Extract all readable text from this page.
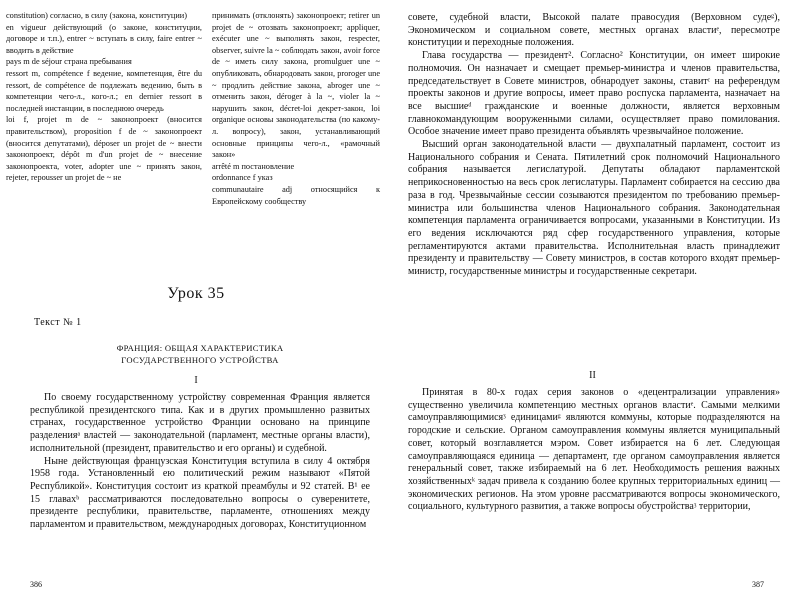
constitution) согласно, в силу (закона, конституции)

en vigueur действующий (о законе, конституции, договоре и т.п.), entrer ~ вступать в силу, faire entrer ~ вводить в действие

pays m de séjour страна пребывания

ressort m, compétence f ведение, компетенция, être du ressort, de compétence de подлежать ведению, быть в компетенции чего-л., кого-л.; en dernier ressort в последней инстанции, в последнюю очередь

loi f, projet m de ~ законопроект (вносится правительством), proposition f de ~ законопроект (вносится депутатами), déposer un projet de ~ внести законопроект, dépôt m d'un projet de ~ внесение законопроекта, voter, adopter une ~ принять закон, rejeter, repousser un projet de ~ не

принимать (отклонять) законопроект; retirer un projet de ~ отозвать законопроект; appliquer, exécuter une ~ выполнять закон, respecter, observer, suivre la ~ соблюдать закон, avoir force de ~ иметь силу закона, promulguer une ~ опубликовать, обнародовать закон, proroger une ~ продлить действие закона, abroger une ~ отменить закон, déroger à la ~, violer la ~ нарушить закон, décret-loi декрет-закон, loi organique основы законодательства (по какому-л. вопросу), закон, устанавливающий основные принципы чего-л., «рамочный закон»

arrêté m постановление

ordonnance f указ

communautaire adj относящийся к Европейскому сообществу

Урок 35
Текст № 1
ФРАНЦИЯ: ОБЩАЯ ХАРАКТЕРИСТИКА
ГОСУДАРСТВЕННОГО УСТРОЙСТВА
I

По своему государственному устройству современная Франция является республикой президентского типа. Как и в других промышленно развитых странах, государственное устройство Франции основано на принципе разделенияᵃ властей — законодательной (парламент, местные органы власти), исполнительной (президент, правительство и его органы) и судебной.

Ныне действующая французская Конституция вступила в силу 4 октября 1958 года. Установленный ею политический режим называют «Пятой Республикой». Конституция состоит из краткой преамбулы и 92 статей. В¹ ее 15 главахᵇ рассматриваются последовательно вопросы о суверенитете, президенте республики, правительстве, парламенте, отношениях между парламентом и правительством, международных договорах, Конституционном

386

совете, судебной власти, Высокой палате правосудия (Верховном судеᵍ), Экономическом и социальном совете, местных органах властиᵉ, пересмотре конституции и переходные положения.

Глава государства — президент². Согласно² Конституции, он имеет широкие полномочия. Он назначает и смещает премьер-министра и членов правительства, председательствует в Совете министров, обнародует законы, ставитᶜ на референдум проекты законов и другие вопросы, имеет право роспуска парламента, назначает на все высшиеᵈ гражданские и военные должности, является верховным главнокомандующим вооруженными силами, осуществляет право помилования. Особое значение имеет право президента объявлять чрезвычайное положение.

Высший орган законодательной власти — двухпалатный парламент, состоит из Национального собрания и Сената. Пятилетний срок полномочий Национального собрания называется легислатурой. Депутаты обладают парламентской неприкосновенностью на весь срок легислатуры. Парламент собирается на сессию два раза в год. Чрезвычайные сессии созываются президентом по требованию премьер-министра или большинства членов Национального собрания. Законодательная компетенция парламента ограничивается вопросами, указанными в Конституции. Из его ведения исключаются ряд сфер государственного управления, которые регламентируются актами правительства. Исполнительная власть принадлежит президенту и правительству — Совету министров, в состав которого входят премьер-министр, государственные министры и государственные секретари.

II

Принятая в 80-х годах серия законов о «децентрализации управления» существенно увеличила компетенцию местных органов властиᵉ. Самыми мелкими самоуправляющимисяᶾ единицамиᵍ являются коммуны, которые подразделяются на городские и сельские. Органом самоуправления коммуны является муниципальный совет, который возглавляется мэром. Совет избирается на 6 лет. Следующая самоуправляющаяся единица — департамент, где органом самоуправления является генеральный совет, также избираемый на 6 лет. Необходимость решения важных хозяйственныхᵏ задач привела к созданию более крупных территориальных единиц — экономических регионов. На этом уровне рассматриваются вопросы экономического, социального, культурного развития, а также вопросы обустройстваᶾ территории,

387
